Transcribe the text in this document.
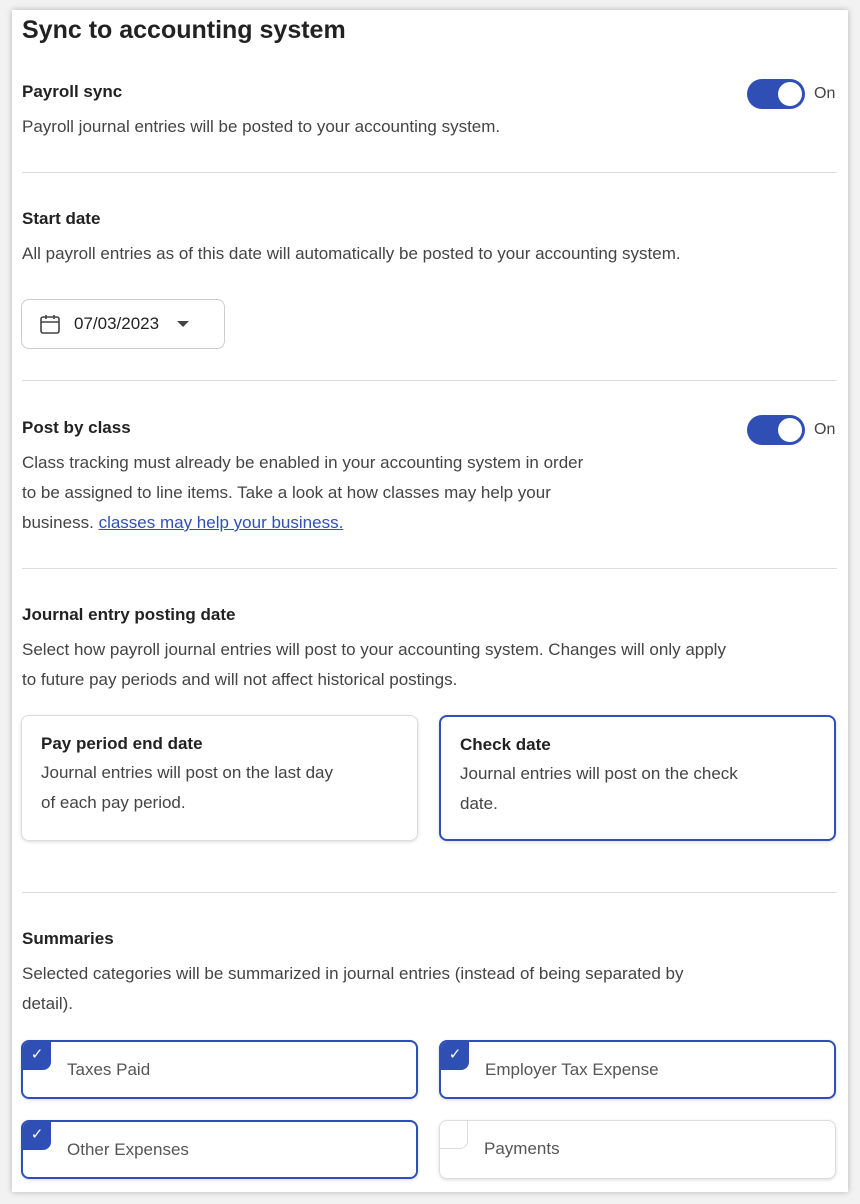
Sync to accounting system
Payroll sync	On
Payroll journal entries will be posted to your accounting system.
Start date
All payroll entries as of this date will automatically be posted to your accounting system.
07/03/2023
Post by class	On
Class tracking must already be enabled in your accounting system in order
to be assigned to line items. Take a look at how classes may help your
business. classes may help your business.
Journal entry posting date
Select how payroll journal entries will post to your accounting system. Changes will only apply
to future pay periods and will not affect historical postings.
Pay period end date
Journal entries will post on the last day
of each pay period.
Check date
Journal entries will post on the check
date.
Summaries
Selected categories will be summarized in journal entries (instead of being separated by
detail).
✓
Taxes Paid
✓
Employer Tax Expense
✓
Other Expenses	Payments
